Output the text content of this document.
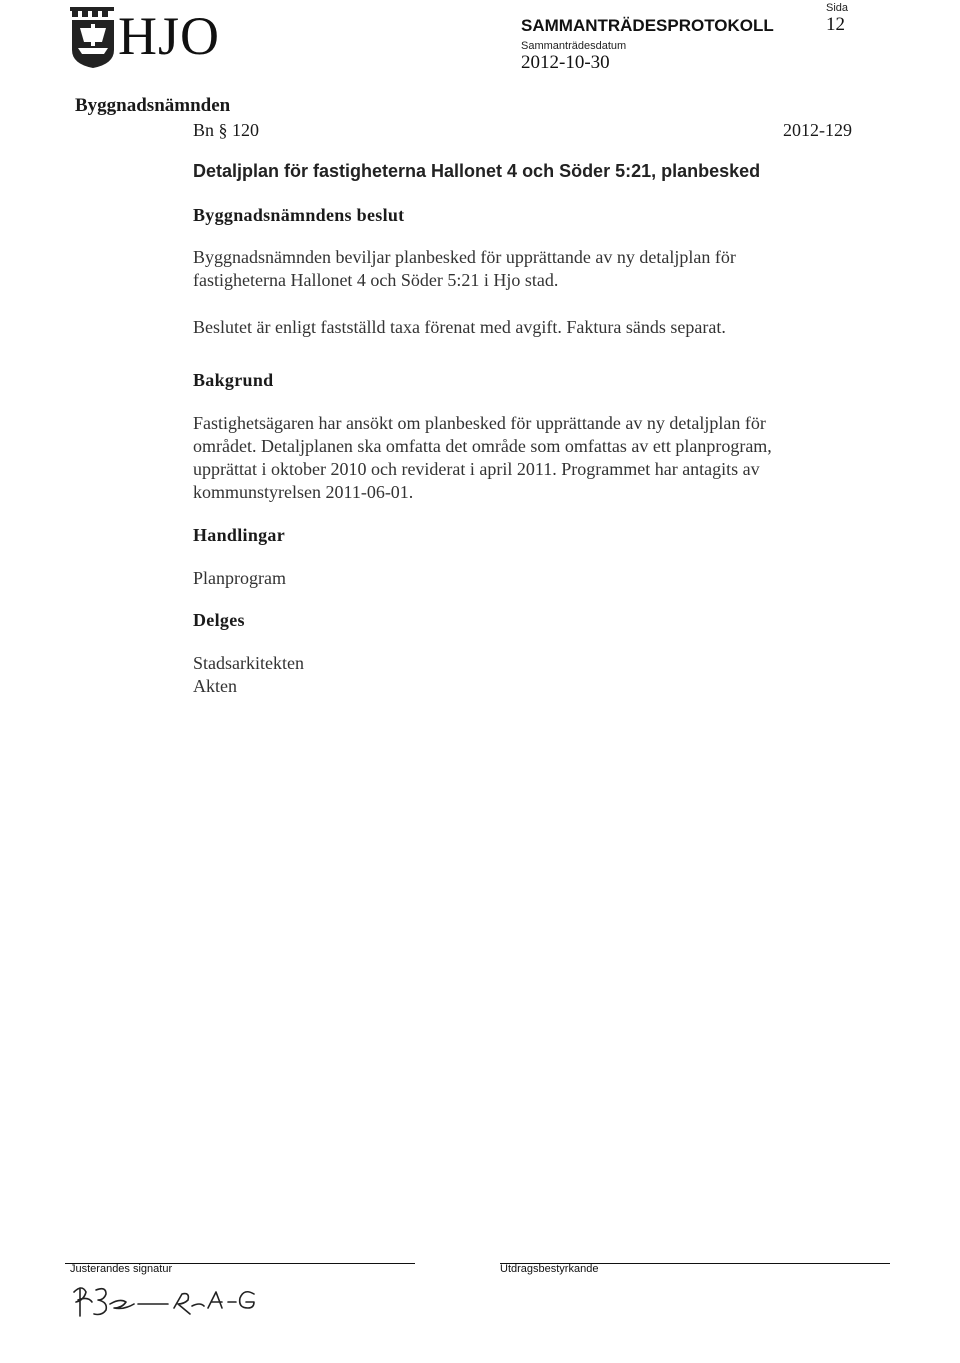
HJO	SAMMANTRÄDESPROTOKOLL
Sammanträdesdatum
2012-10-30
Sida
12
Byggnadsnämnden
Bn § 120	2012-129
Detaljplan för fastigheterna Hallonet 4 och Söder 5:21, planbesked
Byggnadsnämndens beslut
Byggnadsnämnden beviljar planbesked för upprättande av ny detaljplan för
fastigheterna Hallonet 4 och Söder 5:21 i Hjo stad.
Beslutet är enligt fastställd taxa förenat med avgift. Faktura sänds separat.
Bakgrund
Fastighetsägaren har ansökt om planbesked för upprättande av ny detaljplan för
området. Detaljplanen ska omfatta det område som omfattas av ett planprogram,
upprättat i oktober 2010 och reviderat i april 2011. Programmet har antagits av
kommunstyrelsen 2011-06-01.
Handlingar
Planprogram
Delges
Stadsarkitekten
Akten
Justerandes signatur	Utdragsbestyrkande
